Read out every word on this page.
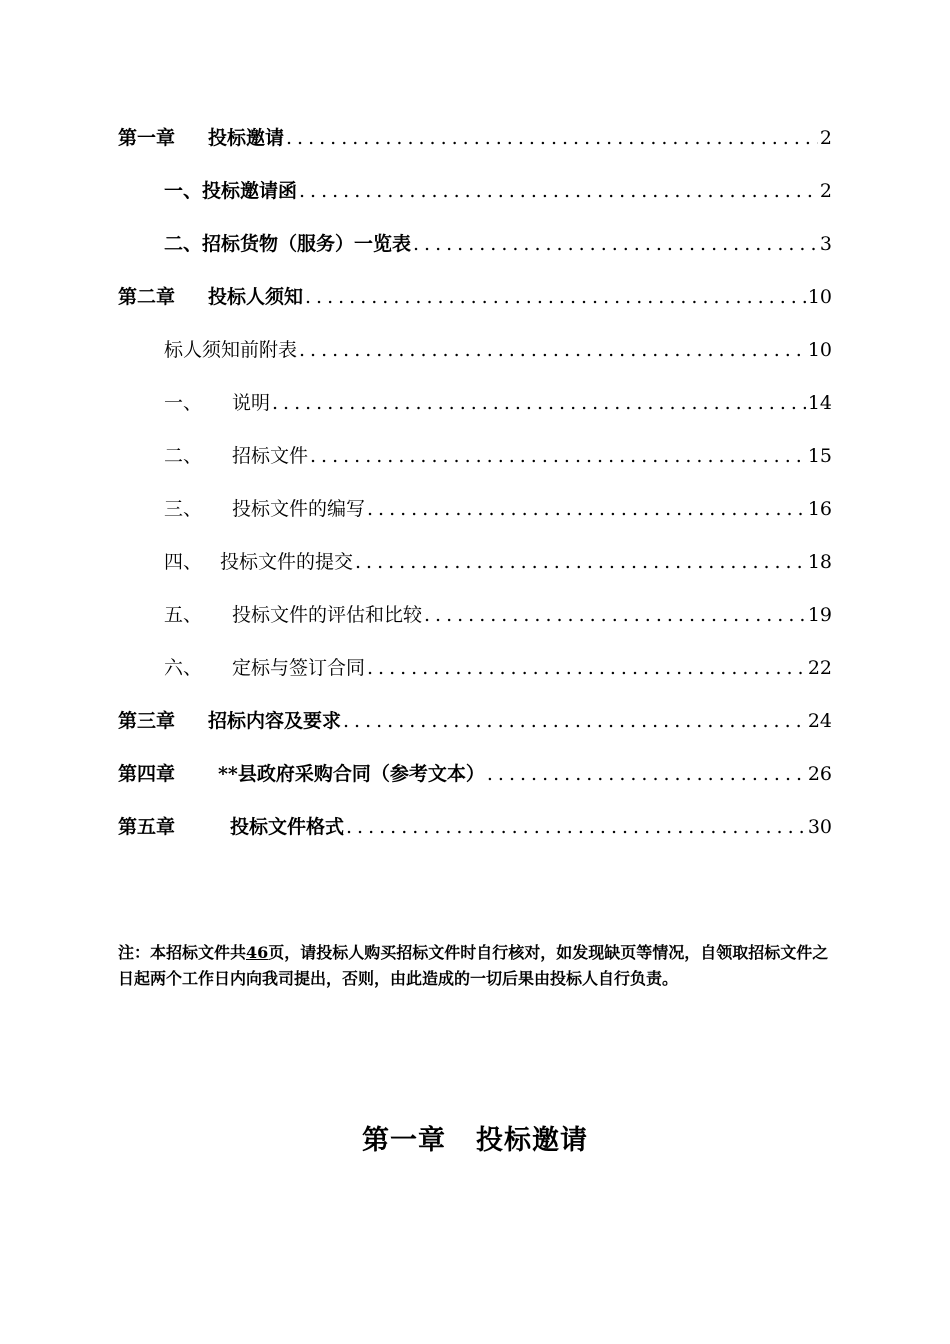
第一章	投标邀请 .....	2
一、投标邀请函 .....	2
二、招标货物（服务）一览表 .....	3
第二章	投标人须知 .....	10
标人须知前附表 .....	10
一、	说明 .....	14
二、	招标文件 .....	15
三、	投标文件的编写 .....	16
四、 投标文件的提交 .....	18
五、	投标文件的评估和比较 .....	19
六、	定标与签订合同 .....	22
第三章	招标内容及要求 .....	24
第四章	**县政府采购合同（参考文本） .....	26
第五章	投标文件格式 .....	30
注：本招标文件共46页，请投标人购买招标文件时自行核对，如发现缺页等情况，自领取招标文件之日起两个工作日内向我司提出，否则，由此造成的一切后果由投标人自行负责。
第一章 投标邀请
